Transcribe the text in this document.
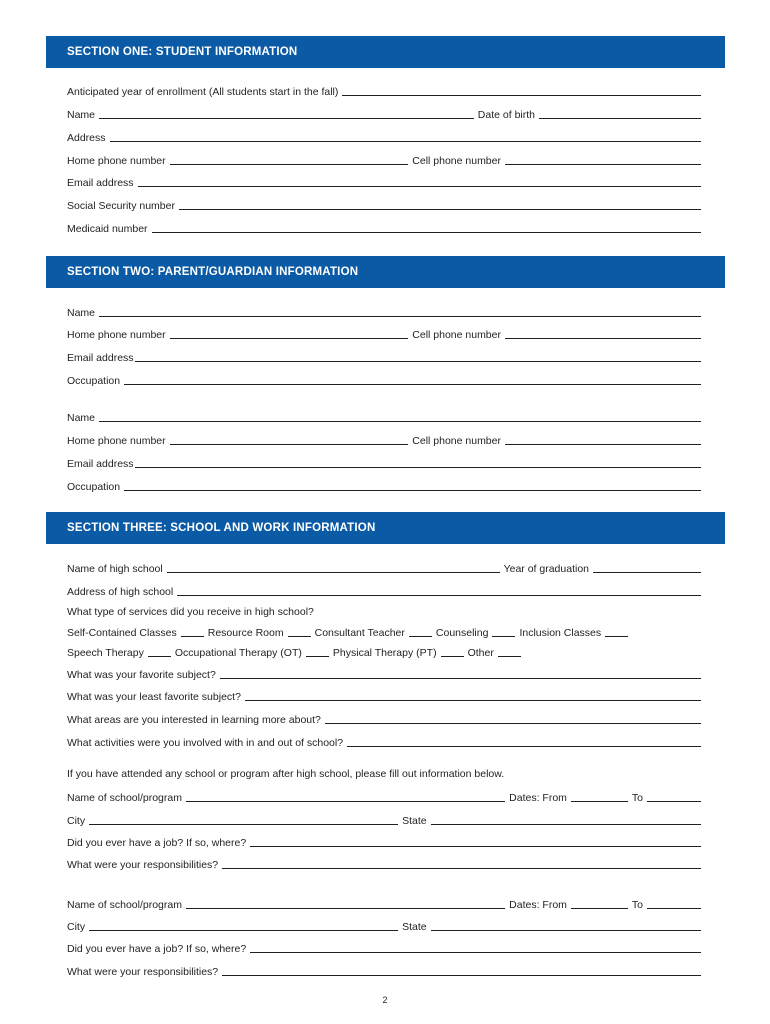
SECTION ONE: STUDENT INFORMATION
Anticipated year of enrollment (All students start in the fall)
Name	Date of birth
Address
Home phone number	Cell phone number
Email address
Social Security number
Medicaid number
SECTION TWO: PARENT/GUARDIAN INFORMATION
Name
Home phone number	Cell phone number
Email address
Occupation
Name
Home phone number	Cell phone number
Email address
Occupation
SECTION THREE: SCHOOL AND WORK INFORMATION
Name of high school	Year of graduation
Address of high school
What type of services did you receive in high school?
Self-Contained Classes	Resource Room	Consultant Teacher	Counseling	Inclusion Classes
Speech Therapy	Occupational Therapy (OT)	Physical Therapy (PT)	Other
What was your favorite subject?
What was your least favorite subject?
What areas are you interested in learning more about?
What activities were you involved with in and out of school?
If you have attended any school or program after high school, please fill out information below.
Name of school/program	Dates: From	To
City	State
Did you ever have a job? If so, where?
What were your responsibilities?
Name of school/program	Dates: From	To
City	State
Did you ever have a job? If so, where?
What were your responsibilities?
2
